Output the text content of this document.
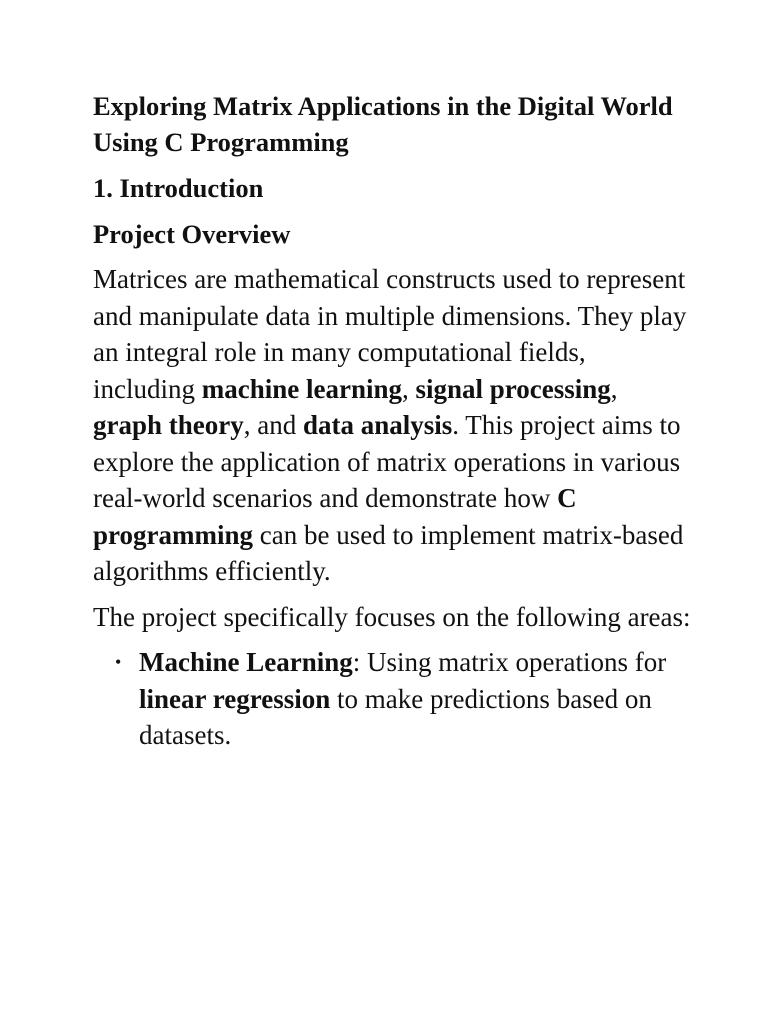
Exploring Matrix Applications in the Digital World Using C Programming
1. Introduction
Project Overview

Matrices are mathematical constructs used to represent and manipulate data in multiple dimensions. They play an integral role in many computational fields, including machine learning, signal processing, graph theory, and data analysis. This project aims to explore the application of matrix operations in various real-world scenarios and demonstrate how C programming can be used to implement matrix-based algorithms efficiently.

The project specifically focuses on the following areas:

• Machine Learning: Using matrix operations for linear regression to make predictions based on datasets.
